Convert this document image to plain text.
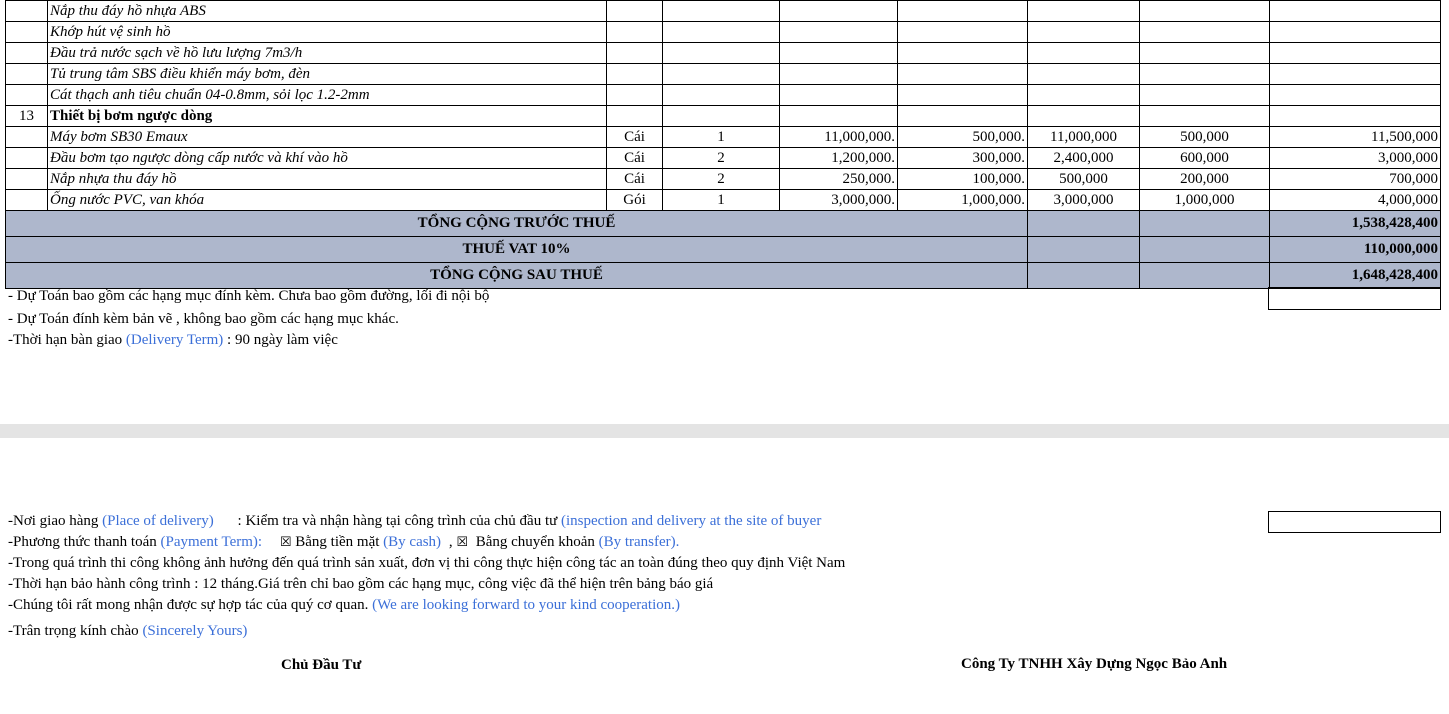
	Nắp thu đáy hồ nhựa ABS							
	Khớp hút vệ sinh hồ							
	Đầu trả nước sạch về hồ lưu lượng 7m3/h							
	Tủ trung tâm SBS điều khiển máy bơm, đèn							
	Cát thạch anh tiêu chuẩn 04-0.8mm, sỏi lọc 1.2-2mm							
13	Thiết bị bơm ngược dòng							
	Máy bơm SB30 Emaux	Cái	1	11,000,000.	500,000.	11,000,000	500,000	11,500,000
	Đầu bơm tạo ngược dòng cấp nước và khí vào hồ	Cái	2	1,200,000.	300,000.	2,400,000	600,000	3,000,000
	Nắp nhựa thu đáy hồ	Cái	2	250,000.	100,000.	500,000	200,000	700,000
	Ống nước PVC, van khóa	Gói	1	3,000,000.	1,000,000.	3,000,000	1,000,000	4,000,000
TỔNG CỘNG TRƯỚC THUẾ								1,538,428,400
THUẾ VAT 10%								110,000,000
TỔNG CỘNG SAU THUẾ								1,648,428,400
- Dự Toán bao gồm các hạng mục đính kèm. Chưa bao gồm đường, lối đi nội bộ
- Dự Toán đính kèm bản vẽ , không bao gồm các hạng mục khác.
-Thời hạn bàn giao (Delivery Term) : 90 ngày làm việc
-Nơi giao hàng (Place of delivery) : Kiểm tra và nhận hàng tại công trình của chủ đầu tư (inspection and delivery at the site of buyer
-Phương thức thanh toán (Payment Term): ☒ Bằng tiền mặt (By cash) , ☒ Bằng chuyển khoản (By transfer).
-Trong quá trình thi công không ảnh hưởng đến quá trình sản xuất, đơn vị thi công thực hiện công tác an toàn đúng theo quy định Việt Nam
-Thời hạn bảo hành công trình : 12 tháng.Giá trên chỉ bao gồm các hạng mục, công việc đã thể hiện trên bảng báo giá
-Chúng tôi rất mong nhận được sự hợp tác của quý cơ quan. (We are looking forward to your kind cooperation.)
-Trân trọng kính chào (Sincerely Yours)
Chủ Đầu Tư	Công Ty TNHH Xây Dựng Ngọc Bảo Anh
